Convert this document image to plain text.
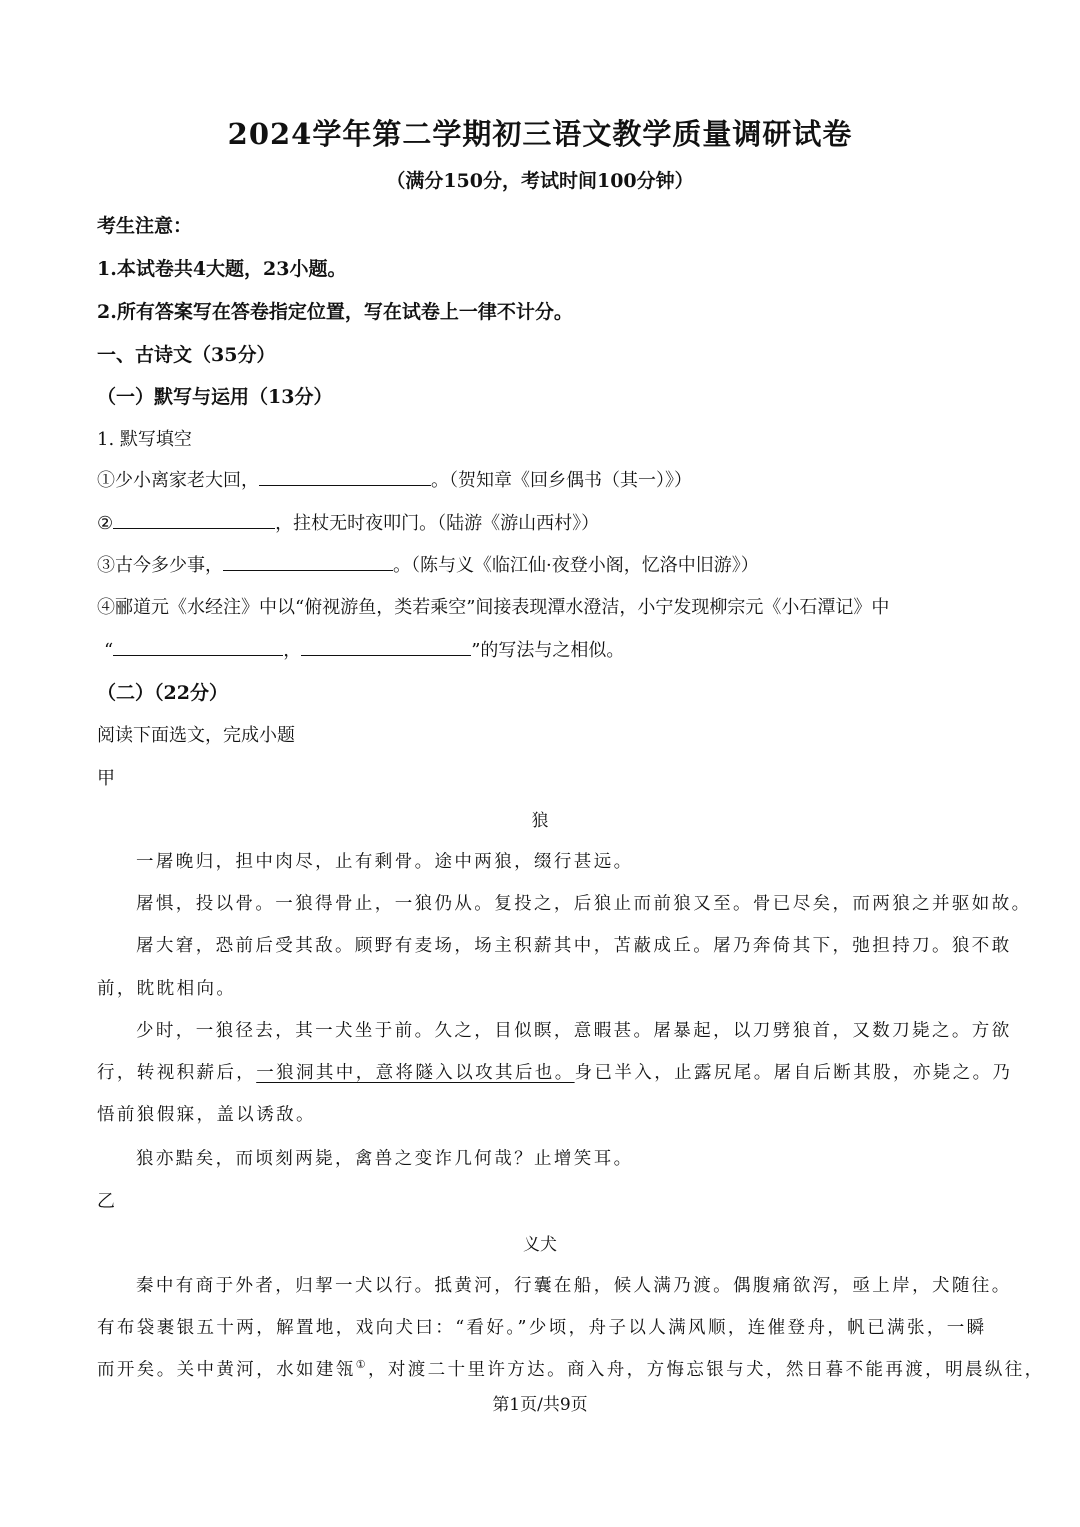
2024学年第二学期初三语文教学质量调研试卷
（满分150分，考试时间100分钟）
考生注意：
1.本试卷共4大题，23小题。
2.所有答案写在答卷指定位置，写在试卷上一律不计分。
一、古诗文（35分）
（一）默写与运用（13分）
1. 默写填空
①少小离家老大回，	。（贺知章《回乡偶书（其一）》）
②	，拄杖无时夜叩门。（陆游《游山西村》）
③古今多少事，	。（陈与义《临江仙·夜登小阁，忆洛中旧游》）
④郦道元《水经注》中以“俯视游鱼，类若乘空”间接表现潭水澄洁，小宁发现柳宗元《小石潭记》中
“	，	”的写法与之相似。
（二）（22分）
阅读下面选文，完成小题
甲
狼
一屠晚归，担中肉尽，止有剩骨。途中两狼，缀行甚远。
屠惧，投以骨。一狼得骨止，一狼仍从。复投之，后狼止而前狼又至。骨已尽矣，而两狼之并驱如故。
屠大窘，恐前后受其敌。顾野有麦场，场主积薪其中，苫蔽成丘。屠乃奔倚其下，弛担持刀。狼不敢
前，眈眈相向。
少时，一狼径去，其一犬坐于前。久之，目似瞑，意暇甚。屠暴起，以刀劈狼首，又数刀毙之。方欲
行，转视积薪后，一狼洞其中，意将隧入以攻其后也。身已半入，止露尻尾。屠自后断其股，亦毙之。乃
悟前狼假寐，盖以诱敌。
狼亦黠矣，而顷刻两毙，禽兽之变诈几何哉？止增笑耳。
乙
义犬
秦中有商于外者，归挈一犬以行。抵黄河，行囊在船，候人满乃渡。偶腹痛欲泻，亟上岸，犬随往。
有布袋裹银五十两，解置地，戏向犬曰：“看好。”少顷，舟子以人满风顺，连催登舟，帆已满张，一瞬
而开矣。关中黄河，水如建瓴①，对渡二十里许方达。商入舟，方悔忘银与犬，然日暮不能再渡，明晨纵往，
第1页/共9页
